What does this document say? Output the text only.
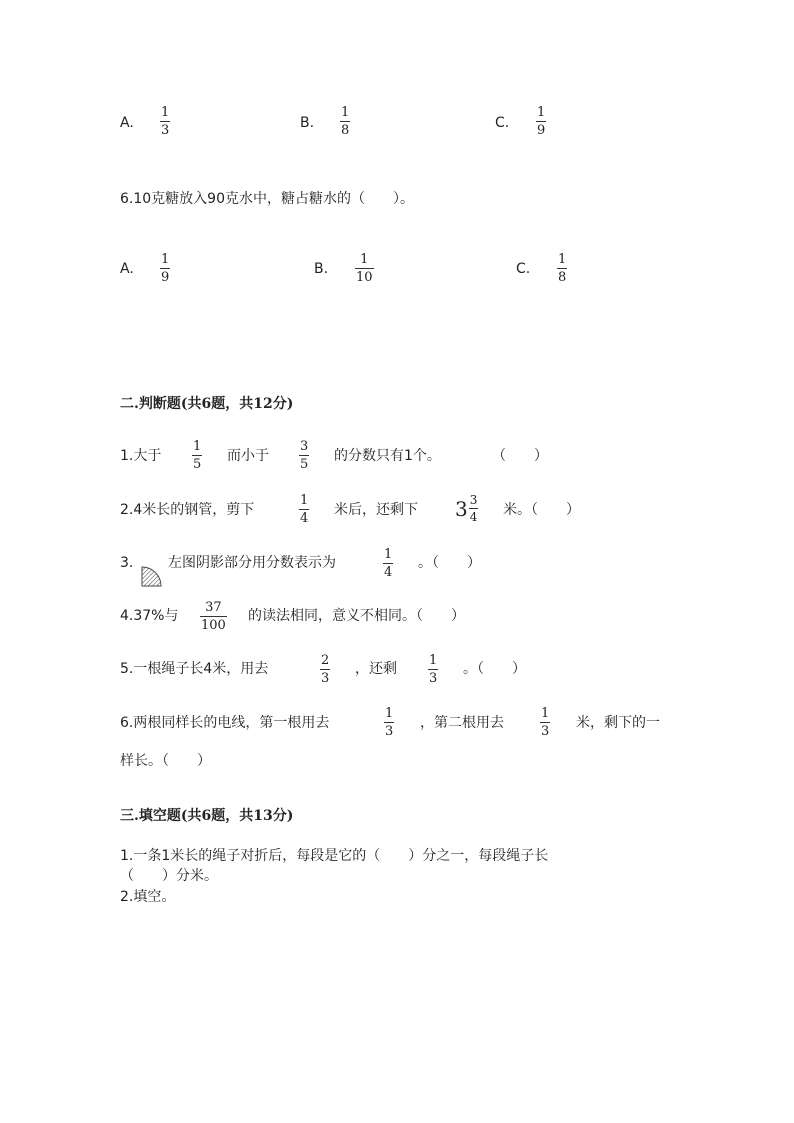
A.
1
3	B.
1
8	C.
1
9
6.10克糖放入90克水中，糖占糖水的（　　）。
A.
1
9
B.
1
10
C.
1
8
二.判断题(共6题，共12分)
1.大于
1
5
而小于
3
5
的分数只有1个。	（　　）
2.4米长的钢管，剪下
1
4
米后，还剩下 $3 \frac{3}{4}$ 米。（　　）
3. 左图阴影部分用分数表示为
1
4
。（　　）
4.37%与
37
100
的读法相同，意义不相同。（　　）
5.一根绳子长4米，用去
2
3
，还剩
1
3
。（　　）
6.两根同样长的电线，第一根用去
1
3
，第二根用去
1
3
米，剩下的一
样长。（　　）
三.填空题(共6题，共13分)
1.一条1米长的绳子对折后，每段是它的（　　）分之一，每段绳子长
（　　）分米。
2.填空。
